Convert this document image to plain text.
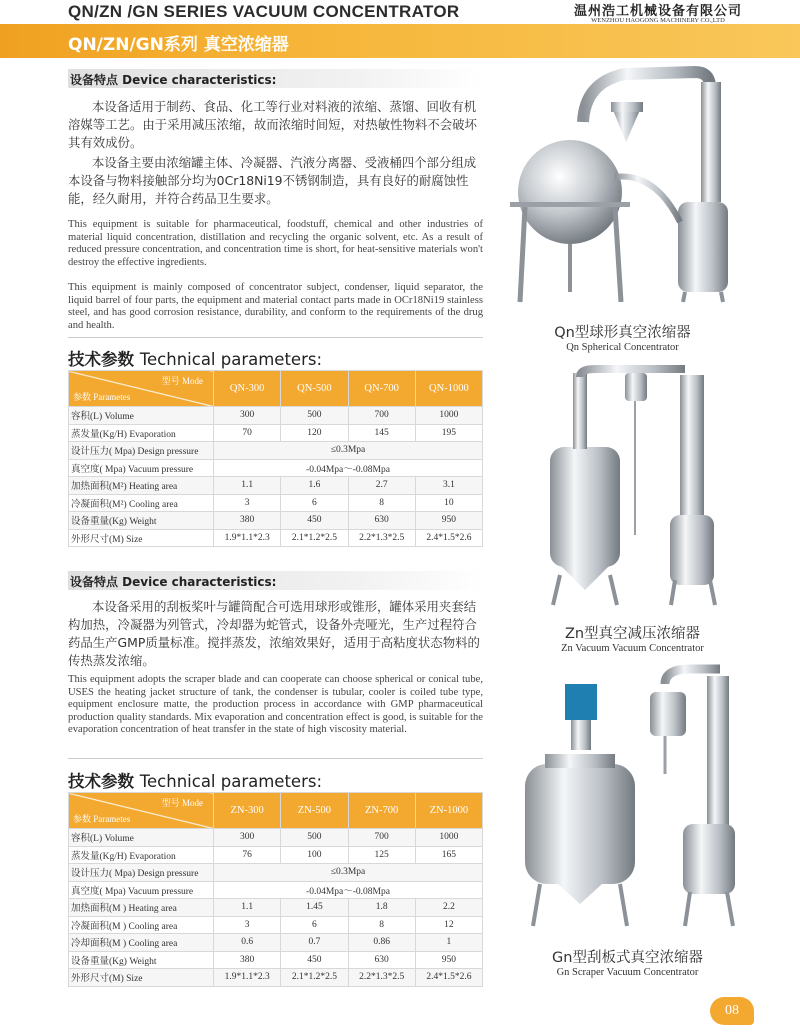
QN/ZN /GN SERIES VACUUM CONCENTRATOR	温州浩工机械设备有限公司
WENZHOU HAOGONG MACHINERY CO.,LTD
QN/ZN/GN系列 真空浓缩器
设备特点 Device characteristics:
本设备适用于制药、食品、化工等行业对料液的浓缩、蒸馏、回收有机溶媒等工艺。由于采用减压浓缩，故而浓缩时间短，对热敏性物料不会破坏其有效成份。
本设备主要由浓缩罐主体、冷凝器、汽液分离器、受液桶四个部分组成本设备与物料接触部分均为0Cr18Ni19不锈钢制造，具有良好的耐腐蚀性能，经久耐用，并符合药品卫生要求。
This equipment is suitable for pharmaceutical, foodstuff, chemical and other industries of material liquid concentration, distillation and recycling the organic solvent, etc. As a result of reduced pressure concentration, and concentration time is short, for heat-sensitive materials won't destroy the effective ingredients.
This equipment is mainly composed of concentrator subject, condenser, liquid separator, the liquid barrel of four parts, the equipment and material contact parts made in OCr18Ni19 stainless steel, and has good corrosion resistance, durability, and conform to the requirements of the drug and health.
技术参数 Technical parameters:
型号 Mode
参数 Parametes	QN-300	QN-500	QN-700	QN-1000
容积(L) Volume	300	500	700	1000
蒸发量(Kg/H) Evaporation	70	120	145	195
设计压力( Mpa) Design pressure	≤0.3Mpa			
真空度( Mpa) Vacuum pressure	-0.04Mpa～-0.08Mpa			
加热面积(M²) Heating area	1.1	1.6	2.7	3.1
冷凝面积(M²) Cooling area	3	6	8	10
设备重量(Kg) Weight	380	450	630	950
外形尺寸(M) Size	1.9*1.1*2.3	2.1*1.2*2.5	2.2*1.3*2.5	2.4*1.5*2.6
设备特点 Device characteristics:
本设备采用的刮板桨叶与罐筒配合可选用球形或锥形，罐体采用夹套结构加热，冷凝器为列管式，冷却器为蛇管式，设备外壳哑光，生产过程符合药品生产GMP质量标准。搅拌蒸发，浓缩效果好，适用于高粘度状态物料的传热蒸发浓缩。
This equipment adopts the scraper blade and can cooperate can choose spherical or conical tube, USES the heating jacket structure of tank, the condenser is tubular, cooler is coiled tube type, equipment enclosure matte, the production process in accordance with GMP pharmaceutical production quality standards. Mix evaporation and concentration effect is good, is suitable for the evaporation concentration of heat transfer in the state of high viscosity material.
技术参数 Technical parameters:
型号 Mode
参数 Parametes	ZN-300	ZN-500	ZN-700	ZN-1000
容积(L) Volume	300	500	700	1000
蒸发量(Kg/H) Evaporation	76	100	125	165
设计压力( Mpa) Design pressure	≤0.3Mpa			
真空度( Mpa) Vacuum pressure	-0.04Mpa～-0.08Mpa			
加热面积(M ) Heating area	1.1	1.45	1.8	2.2
冷凝面积(M ) Cooling area	3	6	8	12
冷却面积(M ) Cooling area	0.6	0.7	0.86	1
设备重量(Kg) Weight	380	450	630	950
外形尺寸(M) Size	1.9*1.1*2.3	2.1*1.2*2.5	2.2*1.3*2.5	2.4*1.5*2.6
Qn型球形真空浓缩器
Qn Spherical Concentrator
Zn型真空减压浓缩器
Zn Vacuum Vacuum Concentrator
Gn型刮板式真空浓缩器
Gn Scraper Vacuum Concentrator
08
